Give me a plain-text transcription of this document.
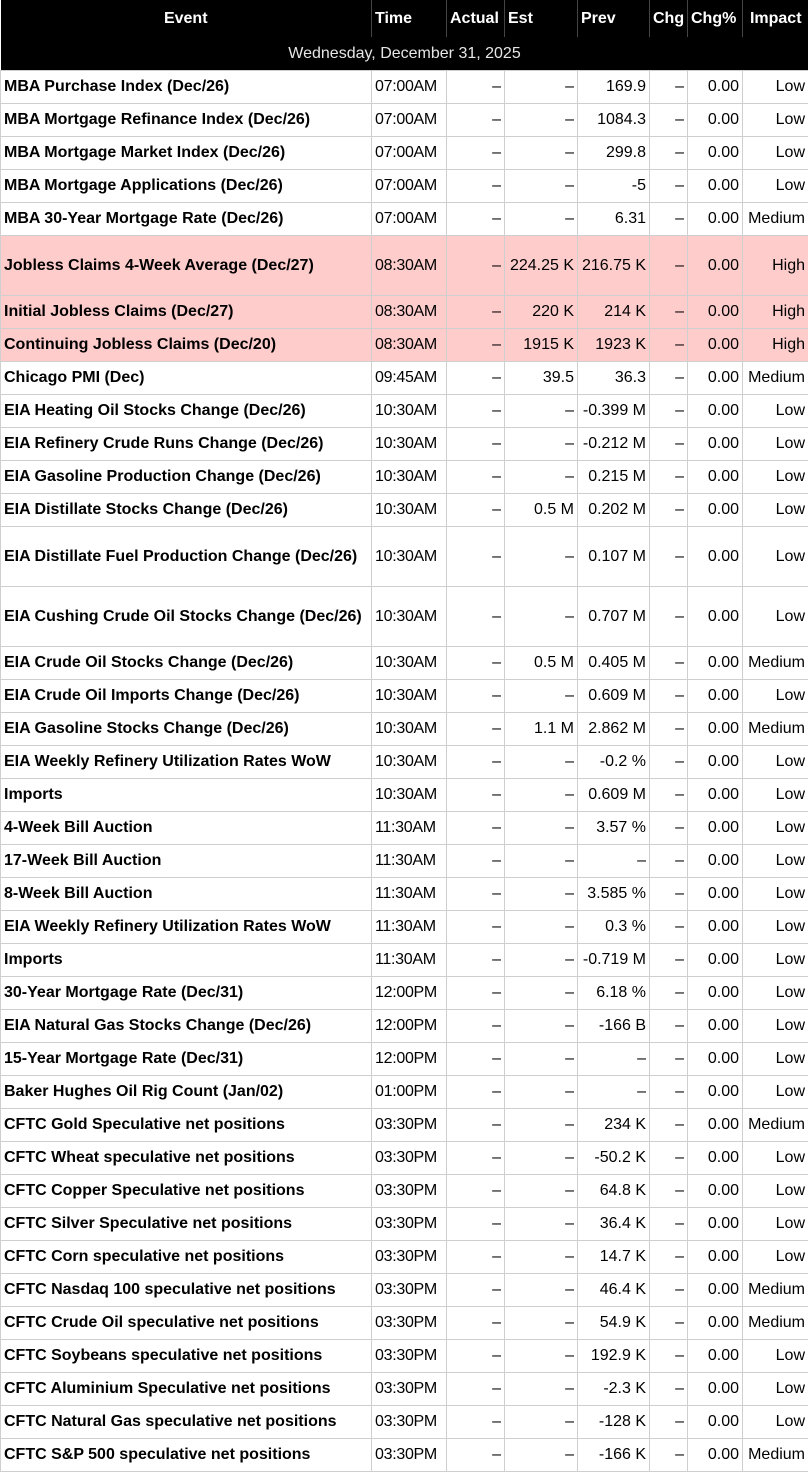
Event	Time	Actual	Est	Prev	Chg	Chg%	Impact
Wednesday, December 31, 2025							
MBA Purchase Index (Dec/26)	07:00AM	–	–	169.9	–	0.00	Low
MBA Mortgage Refinance Index (Dec/26)	07:00AM	–	–	1084.3	–	0.00	Low
MBA Mortgage Market Index (Dec/26)	07:00AM	–	–	299.8	–	0.00	Low
MBA Mortgage Applications (Dec/26)	07:00AM	–	–	-5	–	0.00	Low
MBA 30-Year Mortgage Rate (Dec/26)	07:00AM	–	–	6.31	–	0.00	Medium
Jobless Claims 4-Week Average (Dec/27)	08:30AM	–	224.25 K	216.75 K	–	0.00	High
Initial Jobless Claims (Dec/27)	08:30AM	–	220 K	214 K	–	0.00	High
Continuing Jobless Claims (Dec/20)	08:30AM	–	1915 K	1923 K	–	0.00	High
Chicago PMI (Dec)	09:45AM	–	39.5	36.3	–	0.00	Medium
EIA Heating Oil Stocks Change (Dec/26)	10:30AM	–	–	-0.399 M	–	0.00	Low
EIA Refinery Crude Runs Change (Dec/26)	10:30AM	–	–	-0.212 M	–	0.00	Low
EIA Gasoline Production Change (Dec/26)	10:30AM	–	–	0.215 M	–	0.00	Low
EIA Distillate Stocks Change (Dec/26)	10:30AM	–	0.5 M	0.202 M	–	0.00	Low
EIA Distillate Fuel Production Change (Dec/26)	10:30AM	–	–	0.107 M	–	0.00	Low
EIA Cushing Crude Oil Stocks Change (Dec/26)	10:30AM	–	–	0.707 M	–	0.00	Low
EIA Crude Oil Stocks Change (Dec/26)	10:30AM	–	0.5 M	0.405 M	–	0.00	Medium
EIA Crude Oil Imports Change (Dec/26)	10:30AM	–	–	0.609 M	–	0.00	Low
EIA Gasoline Stocks Change (Dec/26)	10:30AM	–	1.1 M	2.862 M	–	0.00	Medium
EIA Weekly Refinery Utilization Rates WoW	10:30AM	–	–	-0.2 %	–	0.00	Low
Imports	10:30AM	–	–	0.609 M	–	0.00	Low
4-Week Bill Auction	11:30AM	–	–	3.57 %	–	0.00	Low
17-Week Bill Auction	11:30AM	–	–	–	–	0.00	Low
8-Week Bill Auction	11:30AM	–	–	3.585 %	–	0.00	Low
EIA Weekly Refinery Utilization Rates WoW	11:30AM	–	–	0.3 %	–	0.00	Low
Imports	11:30AM	–	–	-0.719 M	–	0.00	Low
30-Year Mortgage Rate (Dec/31)	12:00PM	–	–	6.18 %	–	0.00	Low
EIA Natural Gas Stocks Change (Dec/26)	12:00PM	–	–	-166 B	–	0.00	Low
15-Year Mortgage Rate (Dec/31)	12:00PM	–	–	–	–	0.00	Low
Baker Hughes Oil Rig Count (Jan/02)	01:00PM	–	–	–	–	0.00	Low
CFTC Gold Speculative net positions	03:30PM	–	–	234 K	–	0.00	Medium
CFTC Wheat speculative net positions	03:30PM	–	–	-50.2 K	–	0.00	Low
CFTC Copper Speculative net positions	03:30PM	–	–	64.8 K	–	0.00	Low
CFTC Silver Speculative net positions	03:30PM	–	–	36.4 K	–	0.00	Low
CFTC Corn speculative net positions	03:30PM	–	–	14.7 K	–	0.00	Low
CFTC Nasdaq 100 speculative net positions	03:30PM	–	–	46.4 K	–	0.00	Medium
CFTC Crude Oil speculative net positions	03:30PM	–	–	54.9 K	–	0.00	Medium
CFTC Soybeans speculative net positions	03:30PM	–	–	192.9 K	–	0.00	Low
CFTC Aluminium Speculative net positions	03:30PM	–	–	-2.3 K	–	0.00	Low
CFTC Natural Gas speculative net positions	03:30PM	–	–	-128 K	–	0.00	Low
CFTC S&P 500 speculative net positions	03:30PM	–	–	-166 K	–	0.00	Medium
